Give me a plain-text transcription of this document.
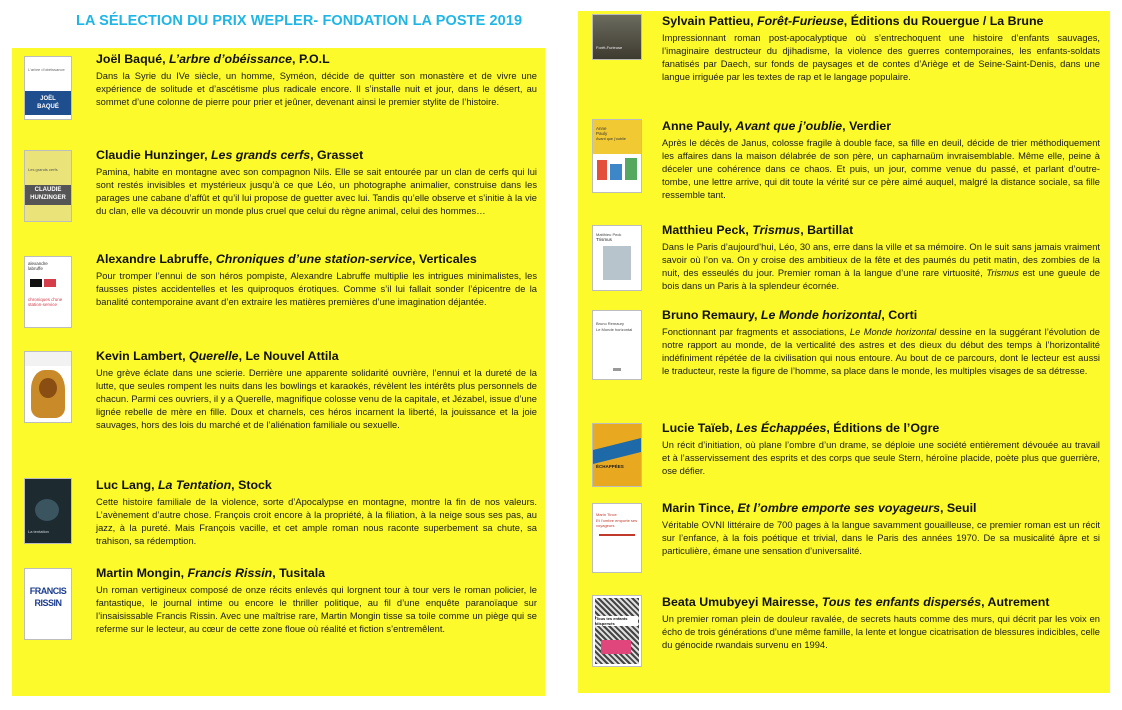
LA SÉLECTION DU PRIX WEPLER- FONDATION LA POSTE 2019
L’arbre d’obéissance
JOËL
BAQUÉ
Joël Baqué, L’arbre d’obéissance, P.O.L

Dans la Syrie du IVe siècle, un homme, Syméon, décide de quitter son monastère et de vivre une expérience de solitude et d’ascétisme plus radicale encore. Il s’installe nuit et jour, dans le désert, au sommet d’une colonne de pierre pour prier et jeûner, devenant ainsi le premier stylite de l’histoire.

Les grands cerfs
CLAUDIE
HUNZINGER
Claudie Hunzinger, Les grands cerfs, Grasset

Pamina, habite en montagne avec son compagnon Nils. Elle se sait entourée par un clan de cerfs qui lui sont restés invisibles et mystérieux jusqu’à ce que Léo, un photographe animalier, construise dans les parages une cabane d’affût et qu’il lui propose de guetter avec lui. Tandis qu’elle observe et s’initie à la vie du clan, elle va découvrir un monde plus cruel que celui du règne animal, celui des hommes…

alexandre
labruffe
chroniques d’une station-service
Alexandre Labruffe, Chroniques d’une station-service, Verticales

Pour tromper l’ennui de son héros pompiste, Alexandre Labruffe multiplie les intrigues minimalistes, les fausses pistes accidentelles et les quiproquos érotiques. Comme s’il lui fallait sonder l’épicentre de la banalité contemporaine avant d’en extraire les matières premières d’une imagination déjantée.

Kevin Lambert, Querelle, Le Nouvel Attila

Une grève éclate dans une scierie. Derrière une apparente solidarité ouvrière, l’ennui et la dureté de la lutte, que seules rompent les nuits dans les bowlings et karaokés, révèlent les intérêts plus personnels de chacun. Parmi ces ouvriers, il y a Querelle, magnifique colosse venu de la capitale, et Jézabel, issue d’une lignée rebelle de mère en fille. Doux et charnels, ces héros incarnent la liberté, la jouissance et la joie sauvages, hors des lois du marché et de l’aliénation familiale ou sexuelle.

La tentation
Luc Lang, La Tentation, Stock

Cette histoire familiale de la violence, sorte d’Apocalypse en montagne, montre la fin de nos valeurs. L’avènement d’autre chose. François croit encore à la propriété, à la filiation, à la neige sous ses pas, au jazz, à la pureté. Mais François vacille, et cet ample roman nous raconte superbement sa chute, sa trahison, sa rédemption.

FRANCIS
RISSIN
Martin Mongin, Francis Rissin, Tusitala

Un roman vertigineux composé de onze récits enlevés qui lorgnent tour à tour vers le roman policier, le fantastique, le journal intime ou encore le thriller politique, au fil d’une enquête paranoïaque sur l’insaisissable Francis Rissin. Avec une maîtrise rare, Martin Mongin tisse sa toile comme un piège qui se referme sur le lecteur, au cœur de cette zone floue où réalité et fiction s’entremêlent.

Forêt-Furieuse
Sylvain Pattieu, Forêt-Furieuse, Éditions du Rouergue / La Brune

Impressionnant roman post-apocalyptique où s’entrechoquent une histoire d’enfants sauvages, l’imaginaire destructeur du djihadisme, la violence des guerres contemporaines, les enfants-soldats fanatisés par Daech, sur fonds de paysages et de contes d’Ariège et de Seine-Saint-Denis, dans une langue irriguée par les textes de rap et le langage populaire.

Anne
Pauly
Avant que j’oublie
Anne Pauly, Avant que j’oublie, Verdier

Après le décès de Janus, colosse fragile à double face, sa fille en deuil, décide de trier méthodiquement les affaires dans la maison délabrée de son père, un capharnaüm invraisemblable. Même elle, peine à déceler une cohérence dans ce chaos. Et puis, un jour, comme venue du passé, et parlant d’outre- tombe, une lettre arrive, qui dit toute la vérité sur ce père aimé auquel, malgré la distance sociale, sa fille ressemble tant.

Matthieu Peck
Trismus
Matthieu Peck, Trismus, Bartillat

Dans le Paris d’aujourd’hui, Léo, 30 ans, erre dans la ville et sa mémoire. On le suit sans jamais vraiment savoir où l’on va. On y croise des ambitieux de la fête et des paumés du petit matin, des zombies de la nuit, des esseulés du jour. Premier roman à la langue d’une rare virtuosité, Trismus est une gueule de bois dans un Paris à la splendeur écornée.

Bruno Remaury
Le Monde horizontal
Bruno Remaury, Le Monde horizontal, Corti

Fonctionnant par fragments et associations, Le Monde horizontal dessine en la suggérant l’évolution de notre rapport au monde, de la verticalité des astres et des dieux du début des temps à l’horizontalité indéfiniment répétée de la civilisation qui nous entoure. Au bout de ce parcours, dont le lecteur est aussi le traducteur, reste la figure de l’homme, sa place dans le monde, les multiples visages de sa détresse.

ÉCHAPPÉES
Lucie Taïeb, Les Échappées, Éditions de l’Ogre

Un récit d’initiation, où plane l’ombre d’un drame, se déploie une société entièrement dévouée au travail et à l’asservissement des esprits et des corps que seule Stern, héroïne placide, poète plus que guerrière, ose défier.

Marin Tince
Et l’ombre emporte ses voyageurs
Marin Tince, Et l’ombre emporte ses voyageurs, Seuil

Véritable OVNI littéraire de 700 pages à la langue savamment gouailleuse, ce premier roman est un récit sur l’enfance, à la fois poétique et trivial, dans le Paris des années 1970. De sa musicalité âpre et si particulière, émane une sensation d’universalité.

Tous tes enfants dispersés
Beata Umubyeyi Mairesse, Tous tes enfants dispersés, Autrement

Un premier roman plein de douleur ravalée, de secrets hauts comme des murs, qui décrit par les voix en écho de trois générations d’une même famille, la lente et longue cicatrisation de blessures indicibles, celle du génocide rwandais survenu en 1994.
